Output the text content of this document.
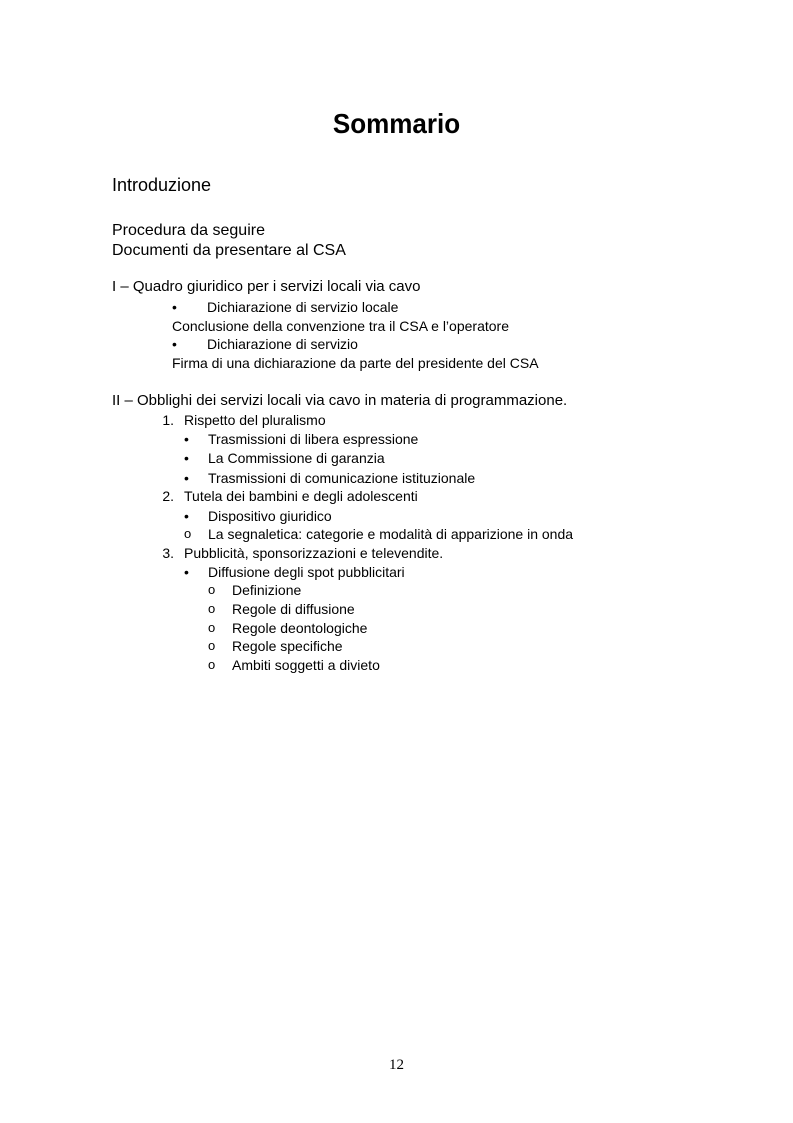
Sommario
Introduzione
Procedura da seguire
Documenti da presentare al CSA
I – Quadro giuridico per i servizi locali via cavo
• Dichiarazione di servizio locale
Conclusione della convenzione tra il CSA e l’operatore
• Dichiarazione di servizio
Firma di una dichiarazione da parte del presidente del CSA
II – Obblighi dei servizi locali via cavo in materia di programmazione.
1. Rispetto del pluralismo
• Trasmissioni di libera espressione
• La Commissione di garanzia
• Trasmissioni di comunicazione istituzionale
2. Tutela dei bambini e degli adolescenti
• Dispositivo giuridico
o La segnaletica: categorie e modalità di apparizione in onda
3. Pubblicità, sponsorizzazioni e televendite.
• Diffusione degli spot pubblicitari
o Definizione
o Regole di diffusione
o Regole deontologiche
o Regole specifiche
o Ambiti soggetti a divieto
12
